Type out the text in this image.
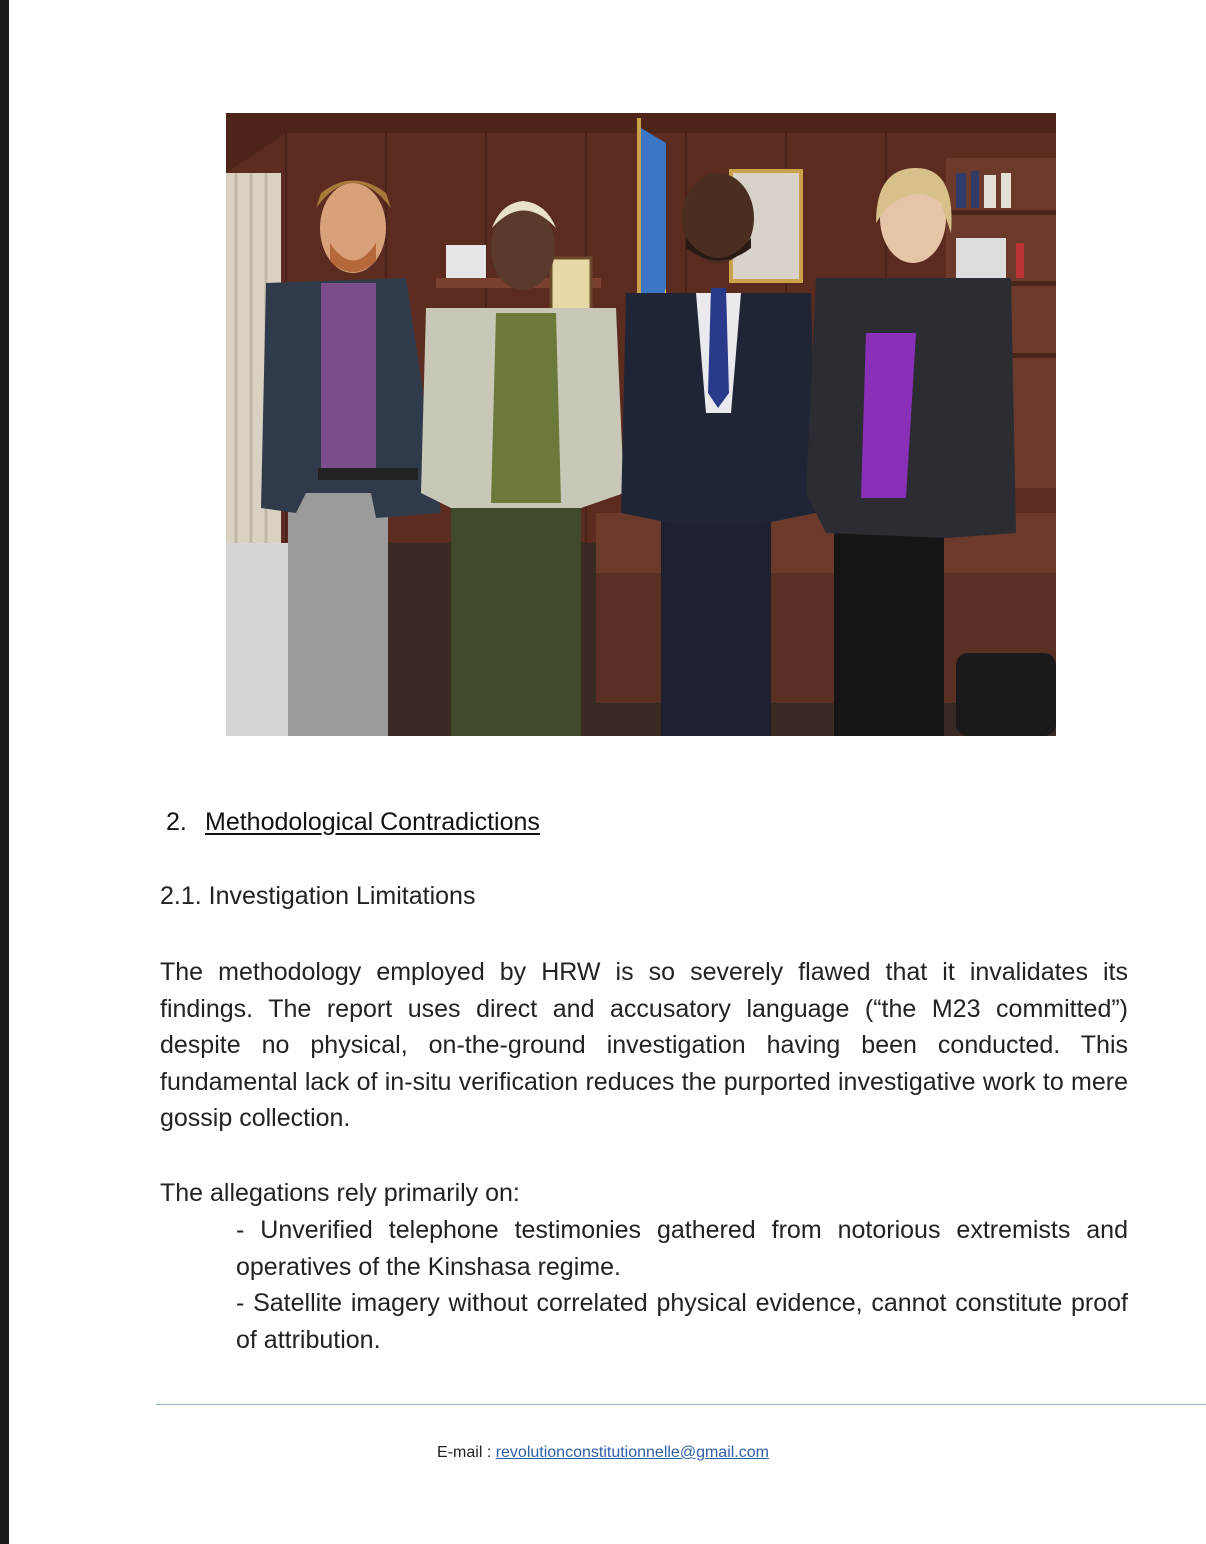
2. Methodological Contradictions
2.1. Investigation Limitations

The methodology employed by HRW is so severely flawed that it invalidates its findings. The report uses direct and accusatory language (“the M23 committed”) despite no physical, on-the-ground investigation having been conducted. This fundamental lack of in-situ verification reduces the purported investigative work to mere gossip collection.

The allegations rely primarily on:

- Unverified telephone testimonies gathered from notorious extremists and operatives of the Kinshasa regime.

- Satellite imagery without correlated physical evidence, cannot constitute proof of attribution.

E-mail : revolutionconstitutionnelle@gmail.com
